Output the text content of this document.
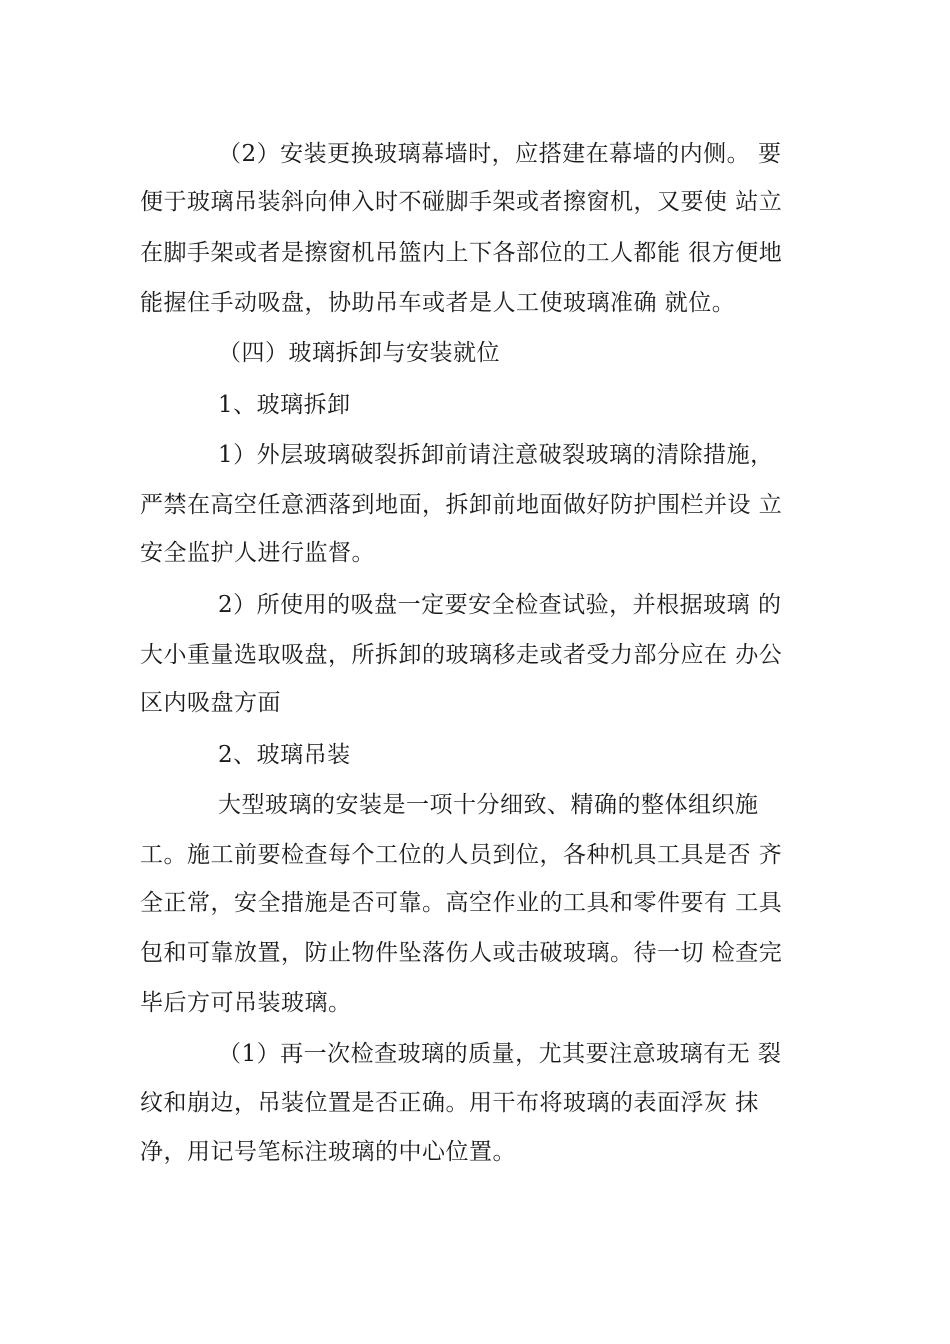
（2）安装更换玻璃幕墙时，应搭建在幕墙的内侧。 要
便于玻璃吊装斜向伸入时不碰脚手架或者擦窗机，又要使 站立
在脚手架或者是擦窗机吊篮内上下各部位的工人都能 很方便地
能握住手动吸盘，协助吊车或者是人工使玻璃准确 就位。
（四）玻璃拆卸与安装就位
1、玻璃拆卸
1）外层玻璃破裂拆卸前请注意破裂玻璃的清除措施，
严禁在高空任意洒落到地面，拆卸前地面做好防护围栏并设 立
安全监护人进行监督。
2）所使用的吸盘一定要安全检查试验，并根据玻璃 的
大小重量选取吸盘，所拆卸的玻璃移走或者受力部分应在 办公
区内吸盘方面
2、玻璃吊装
大型玻璃的安装是一项十分细致、精确的整体组织施
工。施工前要检查每个工位的人员到位，各种机具工具是否 齐
全正常，安全措施是否可靠。高空作业的工具和零件要有 工具
包和可靠放置，防止物件坠落伤人或击破玻璃。待一切 检查完
毕后方可吊装玻璃。
（1）再一次检查玻璃的质量，尤其要注意玻璃有无 裂
纹和崩边，吊装位置是否正确。用干布将玻璃的表面浮灰 抹
净，用记号笔标注玻璃的中心位置。
